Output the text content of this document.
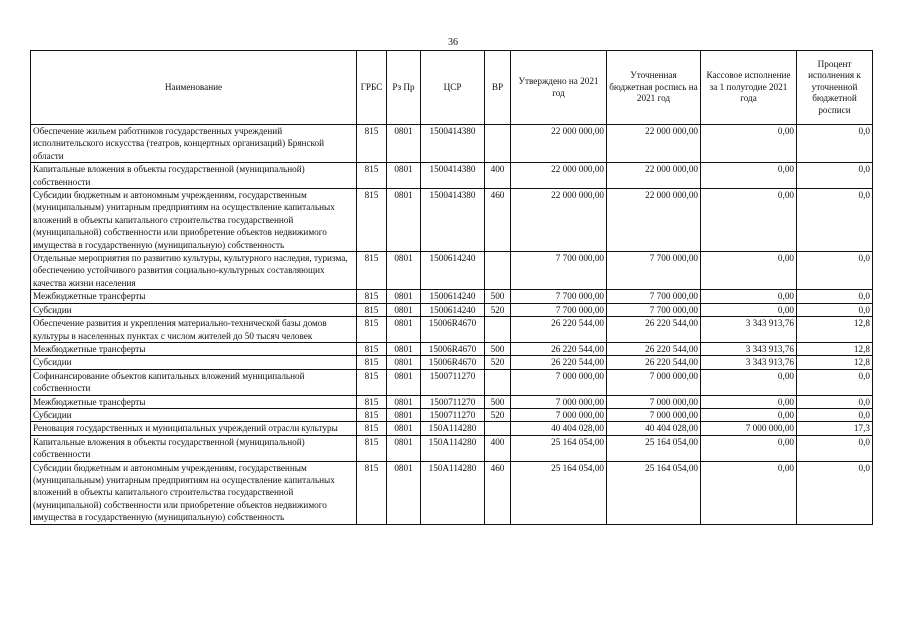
36
Наименование	ГРБС	Рз Пр	ЦСР	ВР	Утверждено на 2021 год	Уточненная бюджетная роспись на 2021 год	Кассовое исполнение за 1 полугодие 2021 года	Процент исполнения к уточненной бюджетной росписи
Обеспечение жильем работников государственных учреждений исполнительского искусства (театров, концертных организаций) Брянской области	815	0801	1500414380		22 000 000,00	22 000 000,00	0,00	0,0
Капитальные вложения в объекты государственной (муниципальной) собственности	815	0801	1500414380	400	22 000 000,00	22 000 000,00	0,00	0,0
Субсидии бюджетным и автономным учреждениям, государственным (муниципальным) унитарным предприятиям на осуществление капитальных вложений в объекты капитального строительства государственной (муниципальной) собственности или приобретение объектов недвижимого имущества в государственную (муниципальную) собственность	815	0801	1500414380	460	22 000 000,00	22 000 000,00	0,00	0,0
Отдельные мероприятия по развитию культуры, культурного наследия, туризма, обеспечению устойчивого развития социально-культурных составляющих качества жизни населения	815	0801	1500614240		7 700 000,00	7 700 000,00	0,00	0,0
Межбюджетные трансферты	815	0801	1500614240	500	7 700 000,00	7 700 000,00	0,00	0,0
Субсидии	815	0801	1500614240	520	7 700 000,00	7 700 000,00	0,00	0,0
Обеспечение развития и укрепления материально-технической базы домов культуры в населенных пунктах с числом жителей до 50 тысяч человек	815	0801	15006R4670		26 220 544,00	26 220 544,00	3 343 913,76	12,8
Межбюджетные трансферты	815	0801	15006R4670	500	26 220 544,00	26 220 544,00	3 343 913,76	12,8
Субсидии	815	0801	15006R4670	520	26 220 544,00	26 220 544,00	3 343 913,76	12,8
Софинансирование объектов капитальных вложений муниципальной собственности	815	0801	1500711270		7 000 000,00	7 000 000,00	0,00	0,0
Межбюджетные трансферты	815	0801	1500711270	500	7 000 000,00	7 000 000,00	0,00	0,0
Субсидии	815	0801	1500711270	520	7 000 000,00	7 000 000,00	0,00	0,0
Реновация государственных и муниципальных учреждений отрасли культуры	815	0801	150A114280		40 404 028,00	40 404 028,00	7 000 000,00	17,3
Капитальные вложения в объекты государственной (муниципальной) собственности	815	0801	150A114280	400	25 164 054,00	25 164 054,00	0,00	0,0
Субсидии бюджетным и автономным учреждениям, государственным (муниципальным) унитарным предприятиям на осуществление капитальных вложений в объекты капитального строительства государственной (муниципальной) собственности или приобретение объектов недвижимого имущества в государственную (муниципальную) собственность	815	0801	150A114280	460	25 164 054,00	25 164 054,00	0,00	0,0
